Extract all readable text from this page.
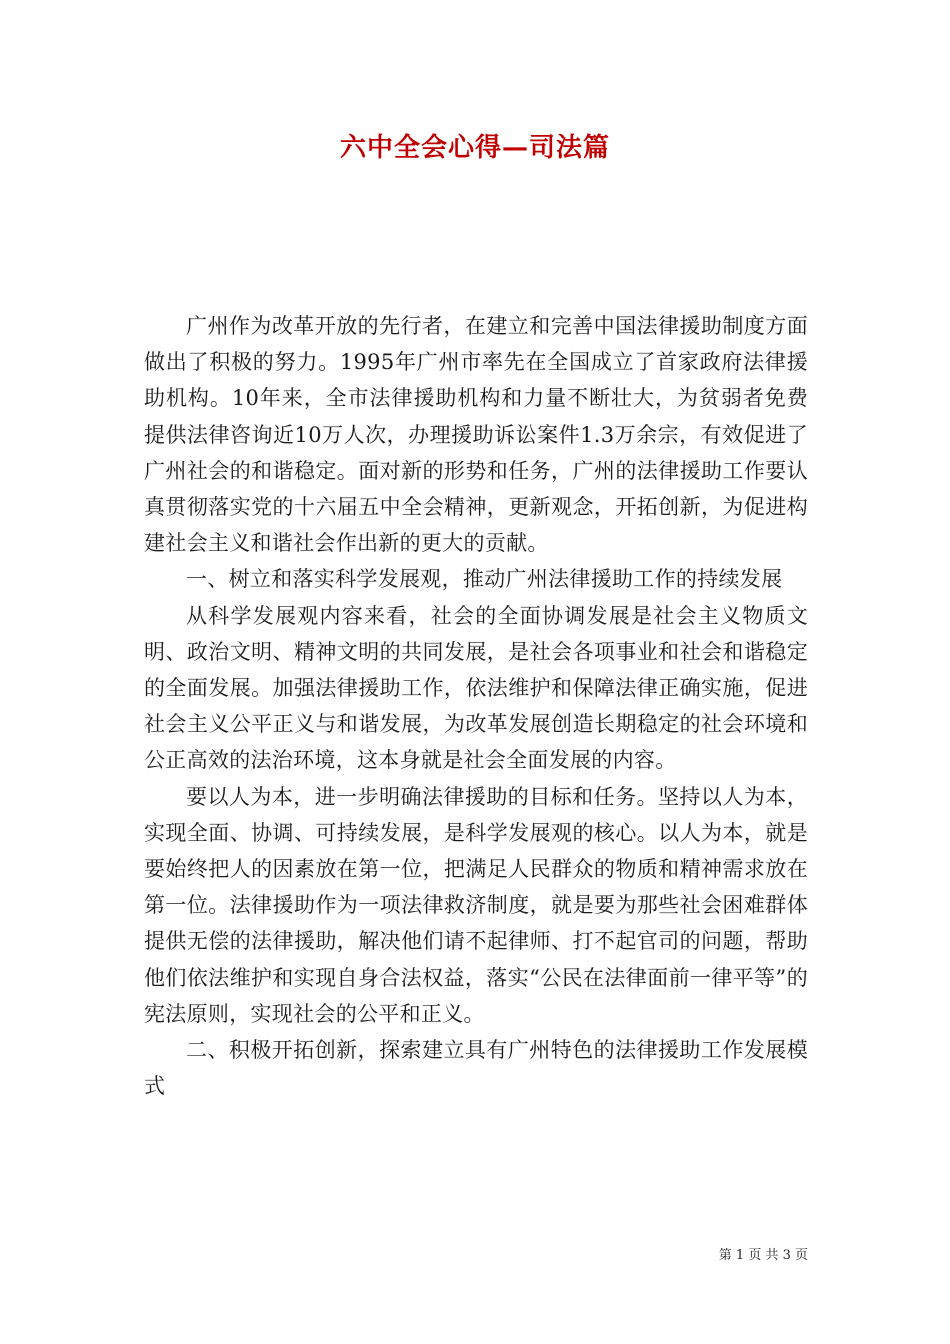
六中全会心得—司法篇

广州作为改革开放的先行者，在建立和完善中国法律援助制度方面做出了积极的努力。1995年广州市率先在全国成立了首家政府法律援助机构。10年来，全市法律援助机构和力量不断壮大，为贫弱者免费提供法律咨询近10万人次，办理援助诉讼案件1.3万余宗，有效促进了广州社会的和谐稳定。面对新的形势和任务，广州的法律援助工作要认真贯彻落实党的十六届五中全会精神，更新观念，开拓创新，为促进构建社会主义和谐社会作出新的更大的贡献。

一、树立和落实科学发展观，推动广州法律援助工作的持续发展

从科学发展观内容来看，社会的全面协调发展是社会主义物质文明、政治文明、精神文明的共同发展，是社会各项事业和社会和谐稳定的全面发展。加强法律援助工作，依法维护和保障法律正确实施，促进社会主义公平正义与和谐发展，为改革发展创造长期稳定的社会环境和公正高效的法治环境，这本身就是社会全面发展的内容。

要以人为本，进一步明确法律援助的目标和任务。坚持以人为本，实现全面、协调、可持续发展，是科学发展观的核心。以人为本，就是要始终把人的因素放在第一位，把满足人民群众的物质和精神需求放在第一位。法律援助作为一项法律救济制度，就是要为那些社会困难群体提供无偿的法律援助，解决他们请不起律师、打不起官司的问题，帮助他们依法维护和实现自身合法权益，落实“公民在法律面前一律平等”的宪法原则，实现社会的公平和正义。

二、积极开拓创新，探索建立具有广州特色的法律援助工作发展模式

第 1 页 共 3 页
